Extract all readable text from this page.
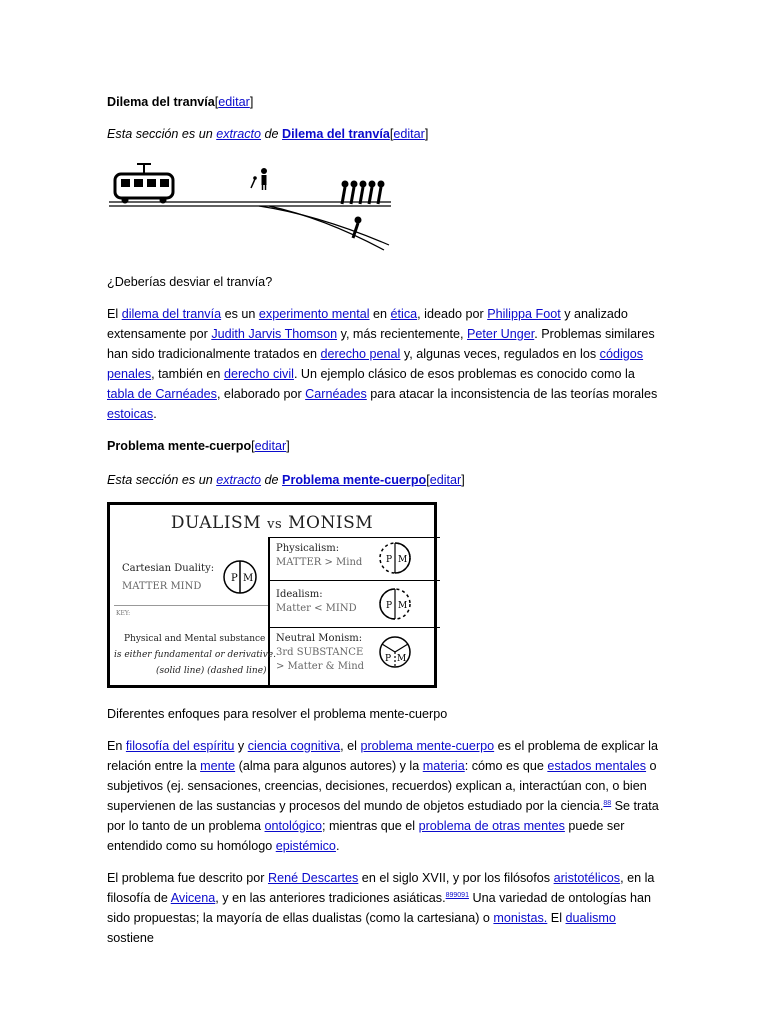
Dilema del tranvía[editar]
Esta sección es un extracto de Dilema del tranvía[editar]
¿Deberías desviar el tranvía?
El dilema del tranvía es un experimento mental en ética, ideado por Philippa Foot y analizado extensamente por Judith Jarvis Thomson y, más recientemente, Peter Unger. Problemas similares han sido tradicionalmente tratados en derecho penal y, algunas veces, regulados en los códigos penales, también en derecho civil. Un ejemplo clásico de esos problemas es conocido como la tabla de Carnéades, elaborado por Carnéades para atacar la inconsistencia de las teorías morales estoicas.
Problema mente-cuerpo[editar]
Esta sección es un extracto de Problema mente-cuerpo[editar]
DUALISM vs MONISM
Cartesian Duality:
MATTER MIND
P M
KEY:
Physical and Mental substance
is either fundamental or derivative.
(solid line) (dashed line)
Physicalism:
MATTER > Mind	P M
Idealism:
Matter < MIND	P M
Neutral Monism:
3rd SUBSTANCE
> Matter & Mind
P M
Diferentes enfoques para resolver el problema mente-cuerpo
En filosofía del espíritu y ciencia cognitiva, el problema mente-cuerpo es el problema de explicar la relación entre la mente (alma para algunos autores) y la materia: cómo es que estados mentales o subjetivos (ej. sensaciones, creencias, decisiones, recuerdos) explican a, interactúan con, o bien supervienen de las sustancias y procesos del mundo de objetos estudiado por la ciencia.$^{88}$ Se trata por lo tanto de un problema ontológico; mientras que el problema de otras mentes puede ser entendido como su homólogo epistémico.
El problema fue descrito por René Descartes en el siglo XVII, y por los filósofos aristotélicos, en la filosofía de Avicena, y en las anteriores tradiciones asiáticas.$^{899091}$ Una variedad de ontologías han sido propuestas; la mayoría de ellas dualistas (como la cartesiana) o monistas. El dualismo sostiene
